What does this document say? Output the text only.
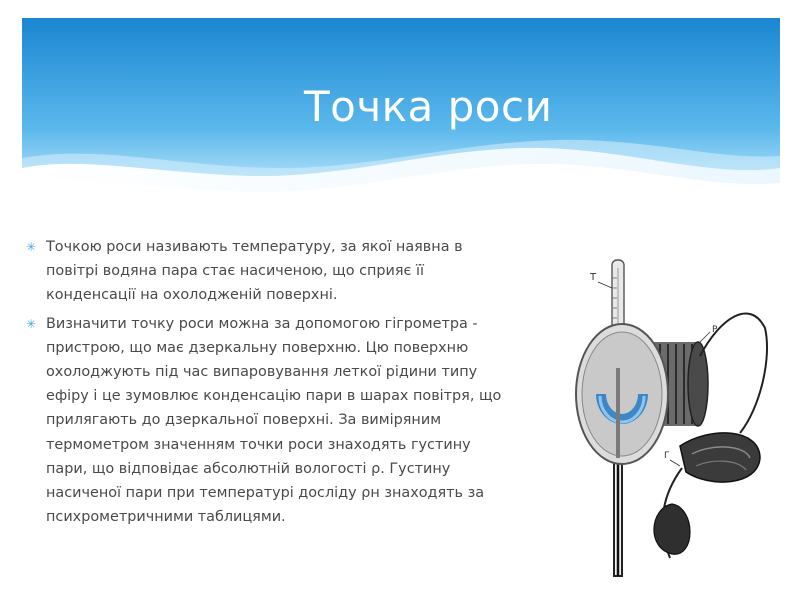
Точка роси
✳ Точкою роси називають температуру, за якої наявна в повітрі водяна пара стає насиченою, що сприяє її конденсації на охолодженій поверхні.
✳ Визначити точку роси можна за допомогою гігрометра - пристрою, що має дзеркальну поверхню. Цю поверхню охолоджують під час випаровування леткої рідини типу ефіру і це зумовлює конденсацію пари в шарах повітря, що прилягають до дзеркальної поверхні. За виміряним термометром значенням точки роси знаходять густину пари, що відповідає абсолютній вологості ρ. Густину насиченої пари при температурі досліду ρн знаходять за психрометричними таблицями.
T
P
Г
